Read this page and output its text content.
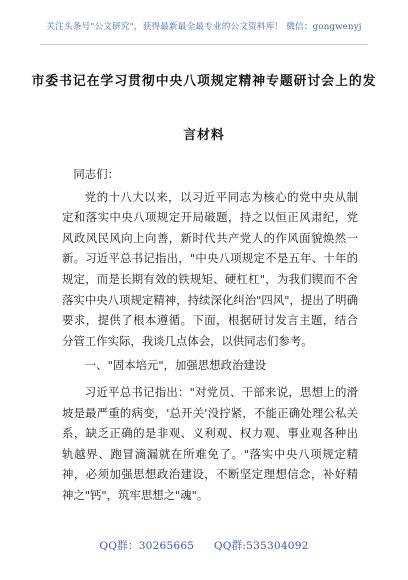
关注头条号"公文研究"，获得最新最全最专业的公文资料库！ 微信：gongwenyj
市委书记在学习贯彻中央八项规定精神专题研讨会上的发
言材料

同志们：

党的十八大以来，以习近平同志为核心的党中央从制定和落实中央八项规定开局破题，持之以恒正风肃纪，党风政风民风向上向善，新时代共产党人的作风面貌焕然一新。习近平总书记指出，"中央八项规定不是五年、十年的规定，而是长期有效的铁规矩、硬杠杠"，为我们锲而不舍落实中央八项规定精神，持续深化纠治"四风"，提出了明确要求，提供了根本遵循。下面，根据研讨发言主题，结合分管工作实际，我谈几点体会，以供同志们参考。

一、"固本培元"，加强思想政治建设

习近平总书记指出："对党员、干部来说，思想上的滑坡是最严重的病变，'总开关'没拧紧，不能正确处理公私关系，缺乏正确的是非观、义利观、权力观、事业观各种出轨越界、跑冒滴漏就在所难免了。"落实中央八项规定精神，必须加强思想政治建设，不断坚定理想信念，补好精神之"钙"，筑牢思想之"魂"。

QQ群：30265665 QQ群:535304092
